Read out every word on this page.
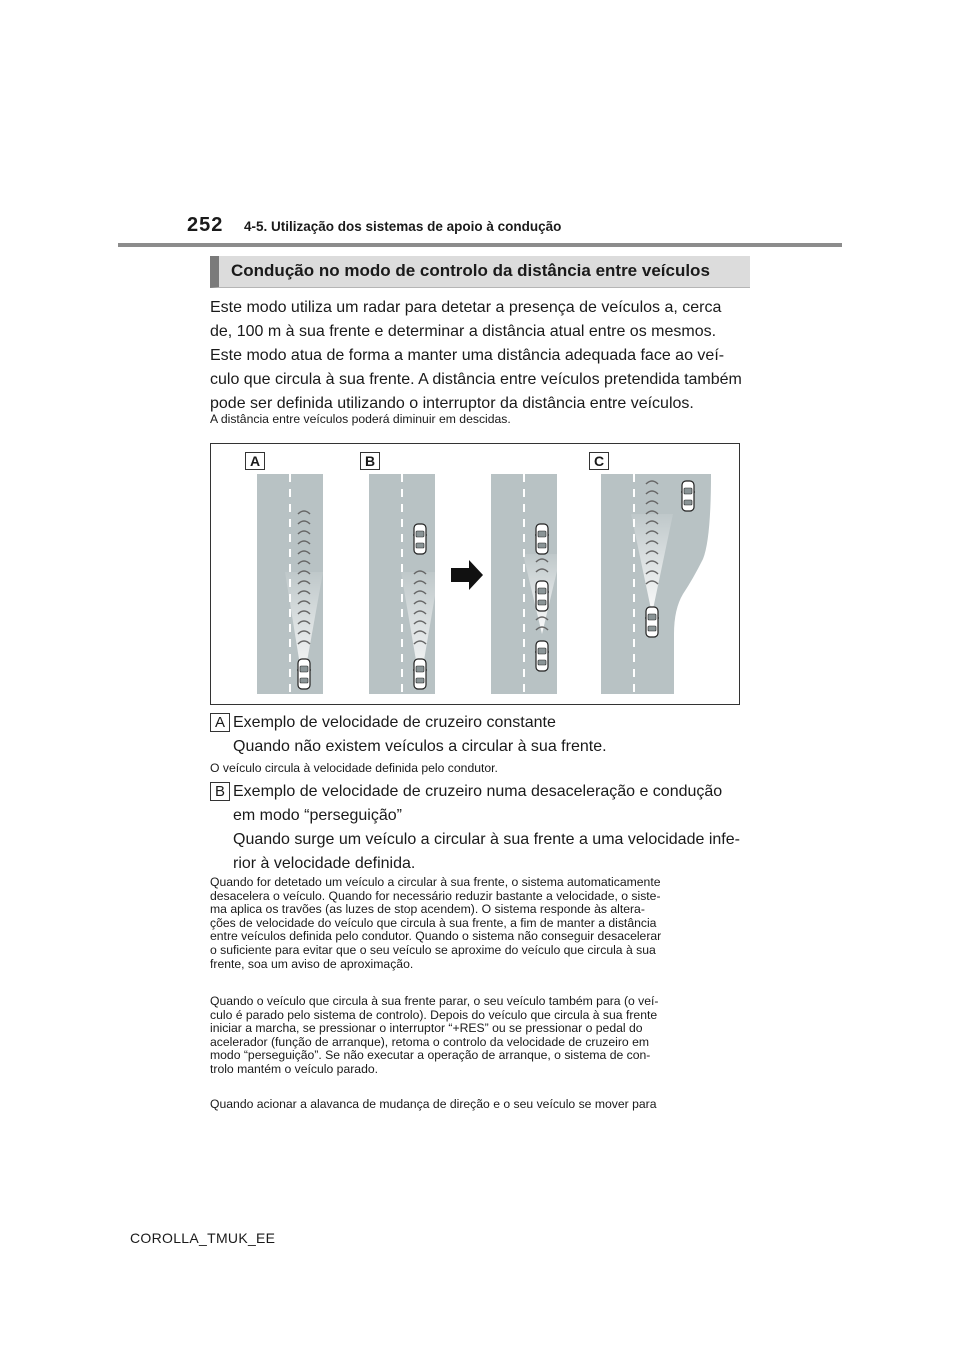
252 4-5. Utilização dos sistemas de apoio à condução
Condução no modo de controlo da distância entre veículos
Este modo utiliza um radar para detetar a presença de veículos a, cerca
de, 100 m à sua frente e determinar a distância atual entre os mesmos.
Este modo atua de forma a manter uma distância adequada face ao veí-
culo que circula à sua frente. A distância entre veículos pretendida também
pode ser definida utilizando o interruptor da distância entre veículos.
A distância entre veículos poderá diminuir em descidas.
A	B	C
A Exemplo de velocidade de cruzeiro constante
Quando não existem veículos a circular à sua frente.
O veículo circula à velocidade definida pelo condutor.
B Exemplo de velocidade de cruzeiro numa desaceleração e condução
em modo “perseguição”
Quando surge um veículo a circular à sua frente a uma velocidade infe-
rior à velocidade definida.
Quando for detetado um veículo a circular à sua frente, o sistema automaticamente
desacelera o veículo. Quando for necessário reduzir bastante a velocidade, o siste-
ma aplica os travões (as luzes de stop acendem). O sistema responde às altera-
ções de velocidade do veículo que circula à sua frente, a fim de manter a distância
entre veículos definida pelo condutor. Quando o sistema não conseguir desacelerar
o suficiente para evitar que o seu veículo se aproxime do veículo que circula à sua
frente, soa um aviso de aproximação.
Quando o veículo que circula à sua frente parar, o seu veículo também para (o veí-
culo é parado pelo sistema de controlo). Depois do veículo que circula à sua frente
iniciar a marcha, se pressionar o interruptor “+RES” ou se pressionar o pedal do
acelerador (função de arranque), retoma o controlo da velocidade de cruzeiro em
modo “perseguição”. Se não executar a operação de arranque, o sistema de con-
trolo mantém o veículo parado.
Quando acionar a alavanca de mudança de direção e o seu veículo se mover para
COROLLA_TMUK_EE
